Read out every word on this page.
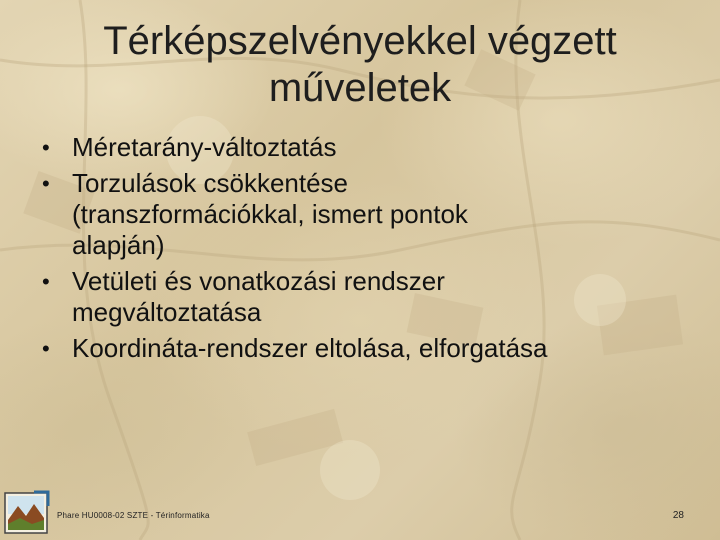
Térképszelvényekkel végzett
műveletek
• Méretarány-változtatás
• Torzulások csökkentése
(transzformációkkal, ismert pontok
alapján)
• Vetületi és vonatkozási rendszer
megváltoztatása
• Koordináta-rendszer eltolása, elforgatása
Phare HU0008-02 SZTE - Térinformatika	28
